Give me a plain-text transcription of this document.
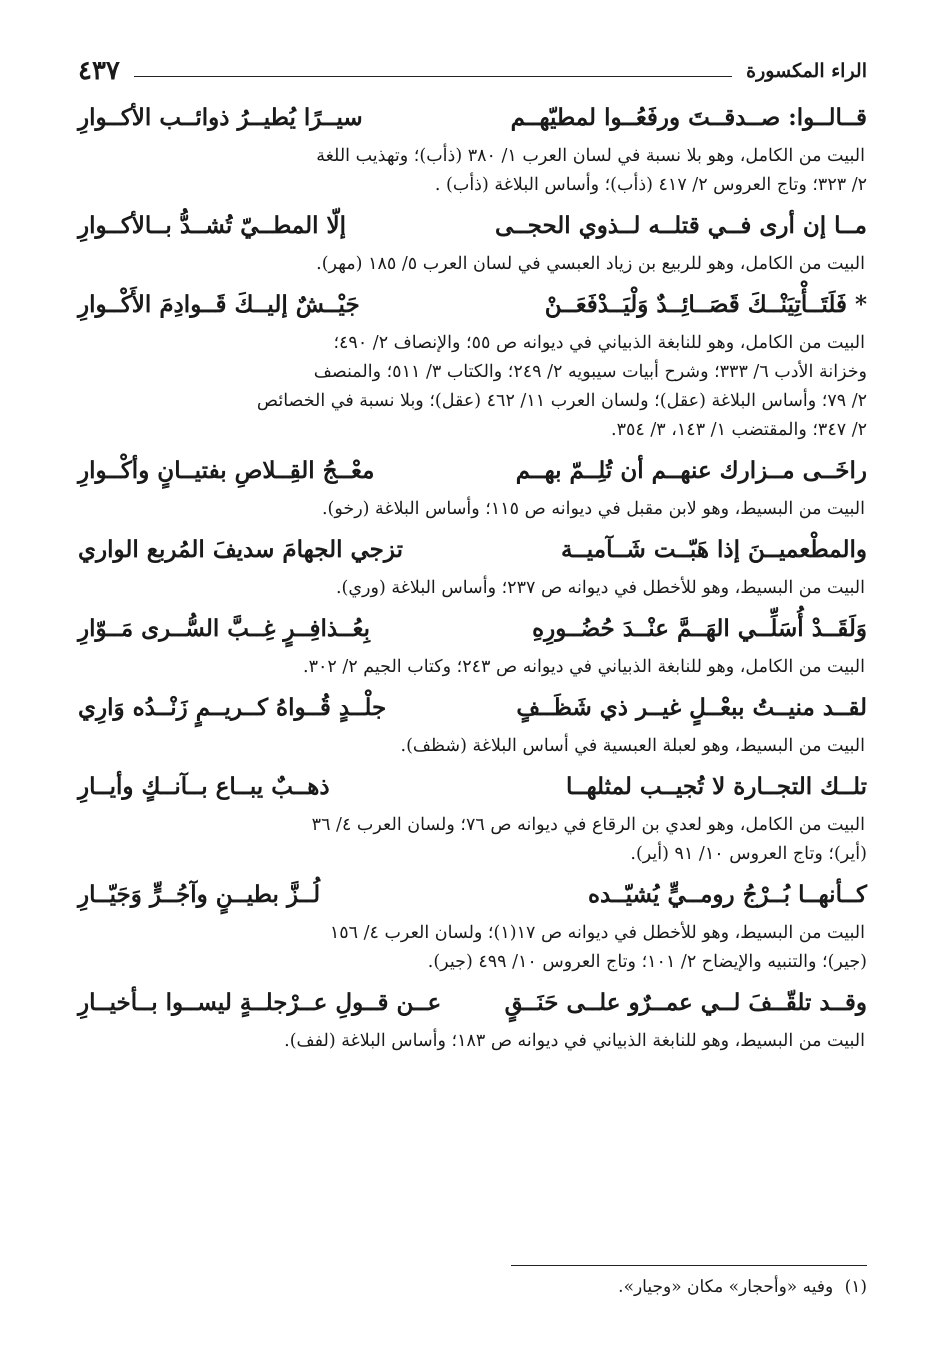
الراء المكسورة
٤٣٧
قــالــوا: صــدقــتَ ورفَعُــوا لمطيّهــم
سيــرًا يُطيــرُ ذوائــب الأكــوارِ
البيت من الكامل، وهو بلا نسبة في لسان العرب ١/ ٣٨٠ (ذأب)؛ وتهذيب اللغة
٢/ ٣٢٣؛ وتاج العروس ٢/ ٤١٧ (ذأب)؛ وأساس البلاغة (ذأب) .
مــا إن أرى فــي قتلــه لــذوي الحجــى
إلّا المطــيّ تُشــدُّ بــالأكــوارِ
البيت من الكامل، وهو للربيع بن زياد العبسي في لسان العرب ٥/ ١٨٥ (مهر).
* فَلَتَــأْتِيَنْــكَ قَصَــائِــدٌ وَلْيَــدْفَعَــنْ
جَيْــشٌ إليــكَ قَــوادِمَ الأَكْــوارِ
البيت من الكامل، وهو للنابغة الذبياني في ديوانه ص ٥٥؛ والإنصاف ٢/ ٤٩٠؛
وخزانة الأدب ٦/ ٣٣٣؛ وشرح أبيات سيبويه ٢/ ٢٤٩؛ والكتاب ٣/ ٥١١؛ والمنصف
٢/ ٧٩؛ وأساس البلاغة (عقل)؛ ولسان العرب ١١/ ٤٦٢ (عقل)؛ وبلا نسبة في الخصائص
٢/ ٣٤٧؛ والمقتضب ١/ ١٤٣، ٣/ ٣٥٤.
راخَــى مــزارك عنهــم أن تُلِــمّ بهــم
معْــجُ القِــلاصِ بفتيــانٍ وأكْــوارِ
البيت من البسيط، وهو لابن مقبل في ديوانه ص ١١٥؛ وأساس البلاغة (رخو).
والمطْعميــنَ إذا هَبّــت شَــآميــة
تزجي الجهامَ سديفَ المُربع الواري
البيت من البسيط، وهو للأخطل في ديوانه ص ٢٣٧؛ وأساس البلاغة (وري).
وَلَقَــدْ أُسَلِّــي الهَــمَّ عنْــدَ حُضُــورِهِ
بِعُــذافِــرٍ غِــبَّ السُّــرى مَــوّارِ
البيت من الكامل، وهو للنابغة الذبياني في ديوانه ص ٢٤٣؛ وكتاب الجيم ٢/ ٣٠٢.
لقــد منيــتُ ببعْــلٍ غيــر ذي شَظَــفٍ
جلْــدٍ قُــواهُ كــريــمٍ زَنْــدُه وَارِي
البيت من البسيط، وهو لعبلة العبسية في أساس البلاغة (شظف).
تلــك التجــارة لا تُجيــب لمثلهــا
ذهــبٌ يبــاع بــآنــكٍ وأيــارِ
البيت من الكامل، وهو لعدي بن الرقاع في ديوانه ص ٧٦؛ ولسان العرب ٤/ ٣٦
(أير)؛ وتاج العروس ١٠/ ٩١ (أير).
كــأنهــا بُــرْجُ رومــيٍّ يُشيّــده
لُــزَّ بطيــنٍ وآجُــرٍّ وَجَيّــارِ
البيت من البسيط، وهو للأخطل في ديوانه ص ١٧(١)؛ ولسان العرب ٤/ ١٥٦
(جير)؛ والتنبيه والإيضاح ٢/ ١٠١؛ وتاج العروس ١٠/ ٤٩٩ (جير).
وقــد تلقّــفَ لــي عمــرٌو علــى حَنَــقٍ
عــن قــولِ عــرْجلــةٍ ليســوا بــأخيــارِ
البيت من البسيط، وهو للنابغة الذبياني في ديوانه ص ١٨٣؛ وأساس البلاغة (لفف).
(١) وفيه «وأحجار» مكان «وجيار».
